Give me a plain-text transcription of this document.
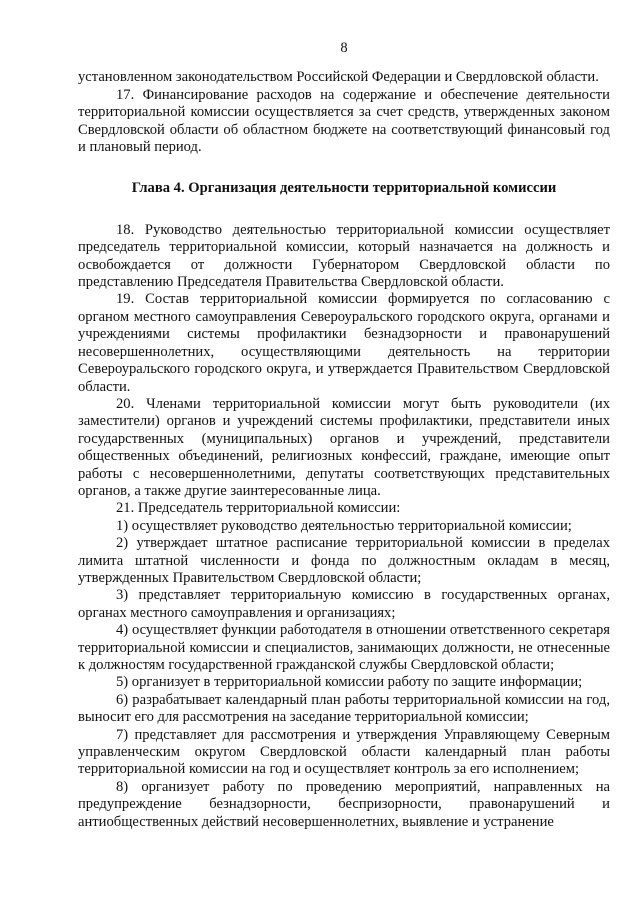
8

установленном законодательством Российской Федерации и Свердловской области.

17. Финансирование расходов на содержание и обеспечение деятельности территориальной комиссии осуществляется за счет средств, утвержденных законом Свердловской области об областном бюджете на соответствующий финансовый год и плановый период.

Глава 4. Организация деятельности территориальной комиссии

18. Руководство деятельностью территориальной комиссии осуществляет председатель территориальной комиссии, который назначается на должность и освобождается от должности Губернатором Свердловской области по представлению Председателя Правительства Свердловской области.

19. Состав территориальной комиссии формируется по согласованию с органом местного самоуправления Североуральского городского округа, органами и учреждениями системы профилактики безнадзорности и правонарушений несовершеннолетних, осуществляющими деятельность на территории Североуральского городского округа, и утверждается Правительством Свердловской области.

20. Членами территориальной комиссии могут быть руководители (их заместители) органов и учреждений системы профилактики, представители иных государственных (муниципальных) органов и учреждений, представители общественных объединений, религиозных конфессий, граждане, имеющие опыт работы с несовершеннолетними, депутаты соответствующих представительных органов, а также другие заинтересованные лица.

21. Председатель территориальной комиссии:

1) осуществляет руководство деятельностью территориальной комиссии;

2) утверждает штатное расписание территориальной комиссии в пределах лимита штатной численности и фонда по должностным окладам в месяц, утвержденных Правительством Свердловской области;

3) представляет территориальную комиссию в государственных органах, органах местного самоуправления и организациях;

4) осуществляет функции работодателя в отношении ответственного секретаря территориальной комиссии и специалистов, занимающих должности, не отнесенные к должностям государственной гражданской службы Свердловской области;

5) организует в территориальной комиссии работу по защите информации;

6) разрабатывает календарный план работы территориальной комиссии на год, выносит его для рассмотрения на заседание территориальной комиссии;

7) представляет для рассмотрения и утверждения Управляющему Северным управленческим округом Свердловской области календарный план работы территориальной комиссии на год и осуществляет контроль за его исполнением;

8) организует работу по проведению мероприятий, направленных на предупреждение безнадзорности, беспризорности, правонарушений и антиобщественных действий несовершеннолетних, выявление и устранение
